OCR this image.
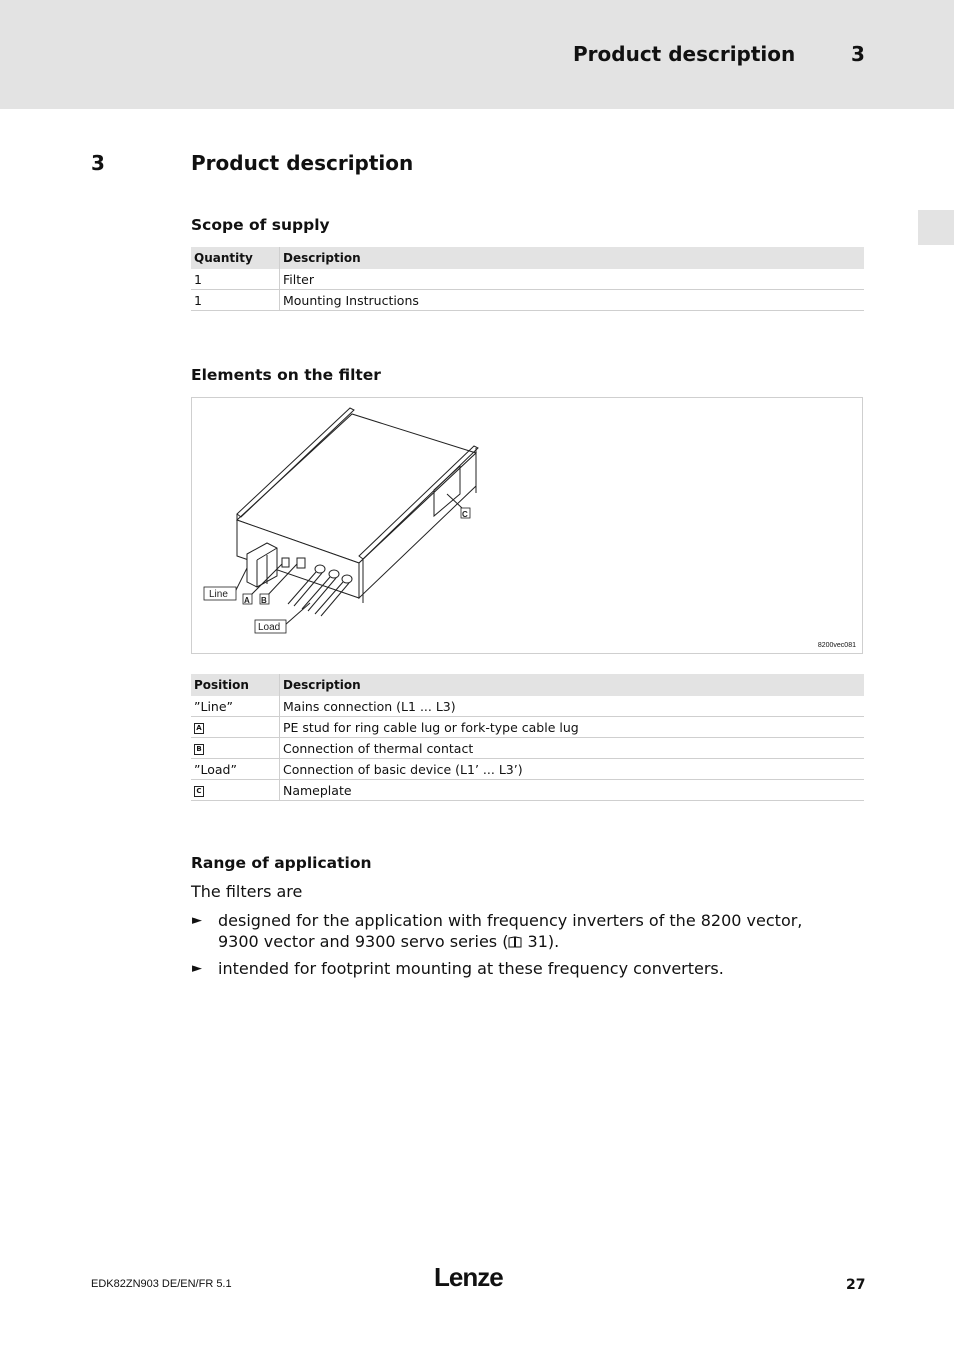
Product description	3
3	Product description
Scope of supply
Quantity	Description
1	Filter
1	Mounting Instructions
Elements on the filter
Line
Load
A B
C
8200vec081
Position	Description
”Line”	Mains connection (L1 ... L3)
A	PE stud for ring cable lug or fork-type cable lug
B	Connection of thermal contact
”Load”	Connection of basic device (L1’ ... L3’)
C	Nameplate
Range of application
The filters are
► designed for the application with frequency inverters of the 8200 vector, 9300 vector and 9300 servo series ( 31).
► intended for footprint mounting at these frequency converters.
EDK82ZN903 DE/EN/FR 5.1	Lenze	27
